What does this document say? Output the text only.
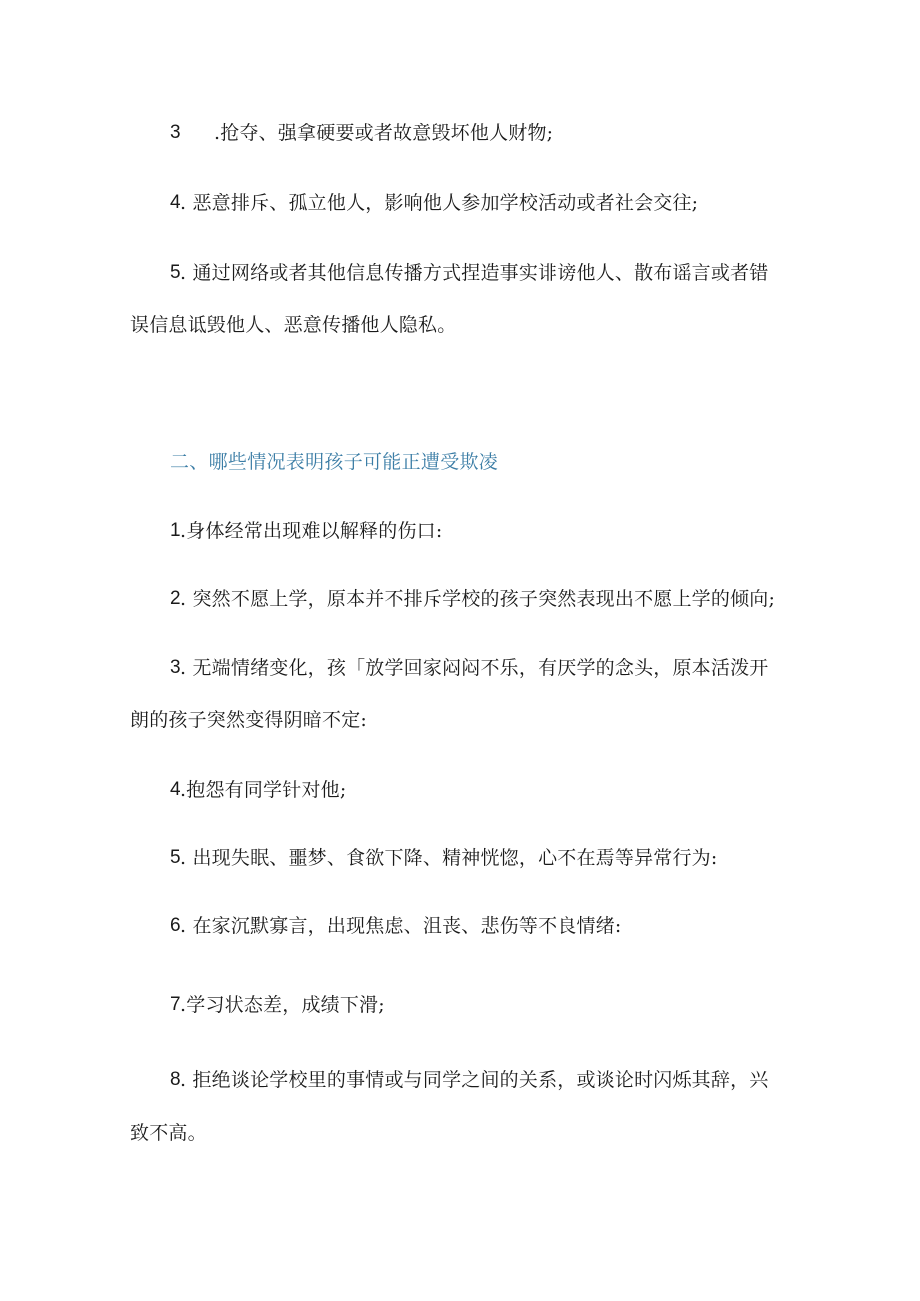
3 .抢夺、强拿硬要或者故意毁坏他人财物;
4 . 恶意排斥、孤立他人，影响他人参加学校活动或者社会交往;
5 . 通过网络或者其他信息传播方式捏造事实诽谤他人、散布谣言或者错
误信息诋毁他人、恶意传播他人隐私。
二、哪些情况表明孩子可能正遭受欺凌
1 .身体经常出现难以解释的伤口:
2 . 突然不愿上学，原本并不排斥学校的孩子突然表现出不愿上学的倾向;
3 . 无端情绪变化，孩「放学回家闷闷不乐，有厌学的念头，原本活泼开
朗的孩子突然变得阴暗不定:
4 .抱怨有同学针对他;
5 . 出现失眠、噩梦、食欲下降、精神恍惚，心不在焉等异常行为:
6 . 在家沉默寡言，出现焦虑、沮丧、悲伤等不良情绪:
7 .学习状态差，成绩下滑;
8 . 拒绝谈论学校里的事情或与同学之间的关系，或谈论时闪烁其辞，兴
致不高。
